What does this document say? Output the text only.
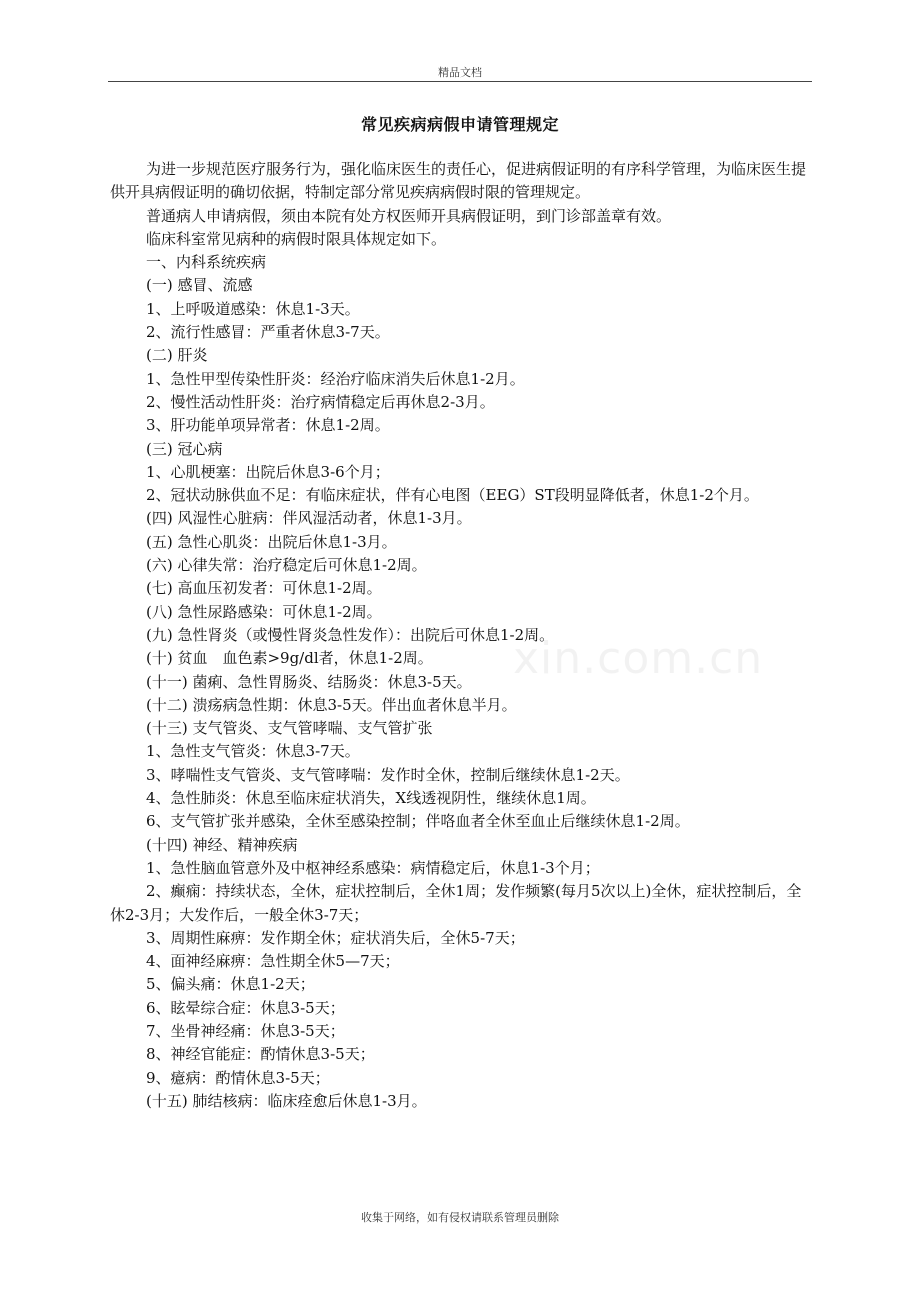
精品文档
常见疾病病假申请管理规定
xin.com.cn

为进一步规范医疗服务行为，强化临床医生的责任心，促进病假证明的有序科学管理，为临床医生提供开具病假证明的确切依据，特制定部分常见疾病病假时限的管理规定。

普通病人申请病假，须由本院有处方权医师开具病假证明，到门诊部盖章有效。

临床科室常见病种的病假时限具体规定如下。

一、内科系统疾病

(一) 感冒、流感

1、上呼吸道感染：休息1-3天。

2、流行性感冒：严重者休息3-7天。

(二) 肝炎

1、急性甲型传染性肝炎：经治疗临床消失后休息1-2月。

2、慢性活动性肝炎：治疗病情稳定后再休息2-3月。

3、肝功能单项异常者：休息1-2周。

(三) 冠心病

1、心肌梗塞：出院后休息3-6个月；

2、冠状动脉供血不足：有临床症状，伴有心电图（EEG）ST段明显降低者，休息1-2个月。

(四) 风湿性心脏病：伴风湿活动者，休息1-3月。

(五) 急性心肌炎：出院后休息1-3月。

(六) 心律失常：治疗稳定后可休息1-2周。

(七) 高血压初发者：可休息1-2周。

(八) 急性尿路感染：可休息1-2周。

(九) 急性肾炎（或慢性肾炎急性发作）：出院后可休息1-2周。

(十) 贫血　血色素>9g/dl者，休息1-2周。

(十一) 菌痢、急性胃肠炎、结肠炎：休息3-5天。

(十二) 溃疡病急性期：休息3-5天。伴出血者休息半月。

(十三) 支气管炎、支气管哮喘、支气管扩张

1、急性支气管炎：休息3-7天。

3、哮喘性支气管炎、支气管哮喘：发作时全休，控制后继续休息1-2天。

4、急性肺炎：休息至临床症状消失，X线透视阴性，继续休息1周。

6、支气管扩张并感染，全休至感染控制；伴咯血者全休至血止后继续休息1-2周。

(十四) 神经、精神疾病

1、急性脑血管意外及中枢神经系感染：病情稳定后，休息1-3个月；

2、癫痫：持续状态，全休，症状控制后，全休1周；发作频繁(每月5次以上)全休，症状控制后，全休2-3月；大发作后，一般全休3-7天；

3、周期性麻痹：发作期全休；症状消失后，全休5-7天；

4、面神经麻痹：急性期全休5—7天；

5、偏头痛：休息1-2天；

6、眩晕综合症：休息3-5天；

7、坐骨神经痛：休息3-5天；

8、神经官能症：酌情休息3-5天；

9、癔病：酌情休息3-5天；

(十五) 肺结核病：临床痊愈后休息1-3月。

收集于网络，如有侵权请联系管理员删除
